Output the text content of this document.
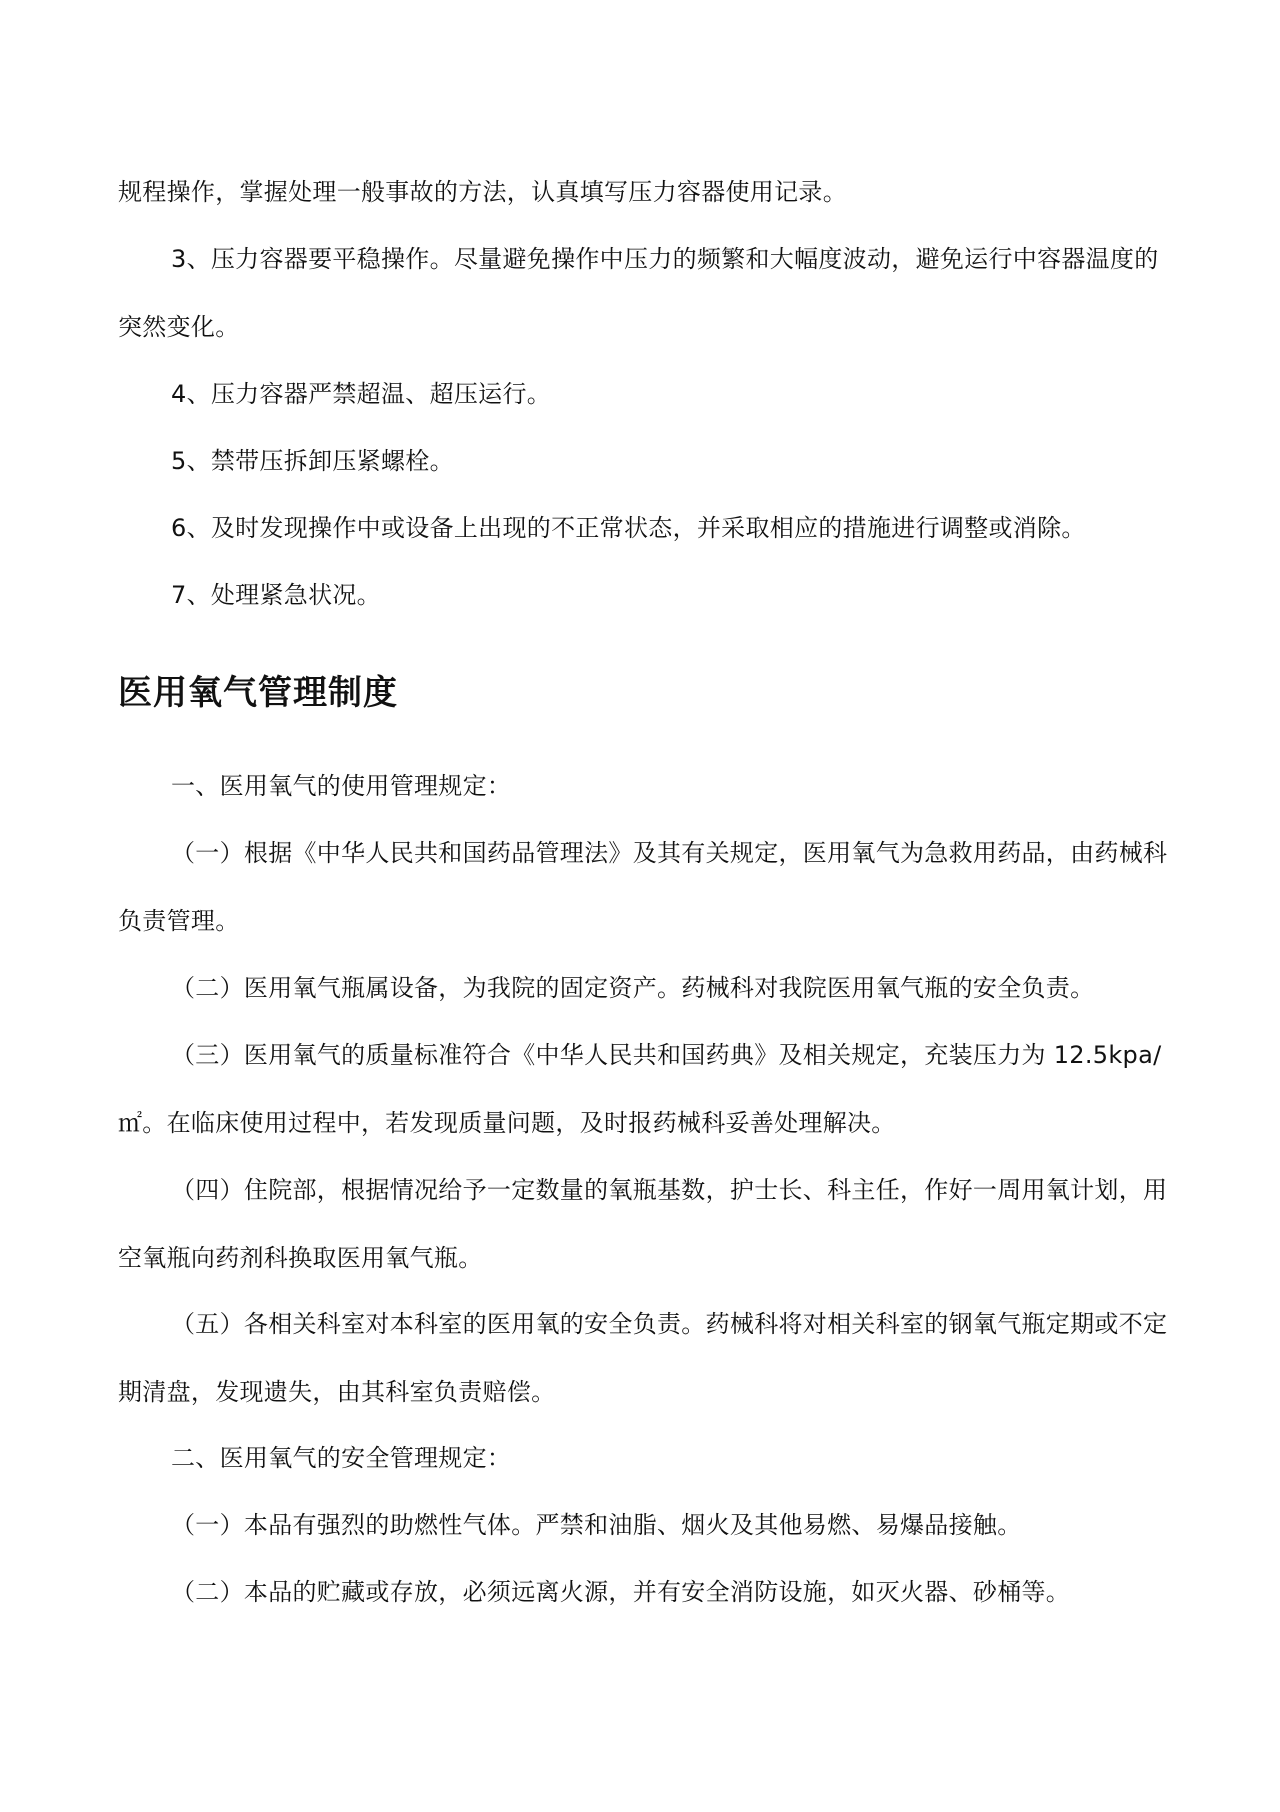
规程操作，掌握处理一般事故的方法，认真填写压力容器使用记录。

3、压力容器要平稳操作。尽量避免操作中压力的频繁和大幅度波动，避免运行中容器温度的突然变化。

4、压力容器严禁超温、超压运行。

5、禁带压拆卸压紧螺栓。

6、及时发现操作中或设备上出现的不正常状态，并采取相应的措施进行调整或消除。

7、处理紧急状况。

医用氧气管理制度

一、医用氧气的使用管理规定：

（一）根据《中华人民共和国药品管理法》及其有关规定，医用氧气为急救用药品，由药械科负责管理。

（二）医用氧气瓶属设备，为我院的固定资产。药械科对我院医用氧气瓶的安全负责。

（三）医用氧气的质量标准符合《中华人民共和国药典》及相关规定，充装压力为 12.5kpa/㎡。在临床使用过程中，若发现质量问题，及时报药械科妥善处理解决。

（四）住院部，根据情况给予一定数量的氧瓶基数，护士长、科主任，作好一周用氧计划，用空氧瓶向药剂科换取医用氧气瓶。

（五）各相关科室对本科室的医用氧的安全负责。药械科将对相关科室的钢氧气瓶定期或不定期清盘，发现遗失，由其科室负责赔偿。

二、医用氧气的安全管理规定：

（一）本品有强烈的助燃性气体。严禁和油脂、烟火及其他易燃、易爆品接触。

（二）本品的贮藏或存放，必须远离火源，并有安全消防设施，如灭火器、砂桶等。
